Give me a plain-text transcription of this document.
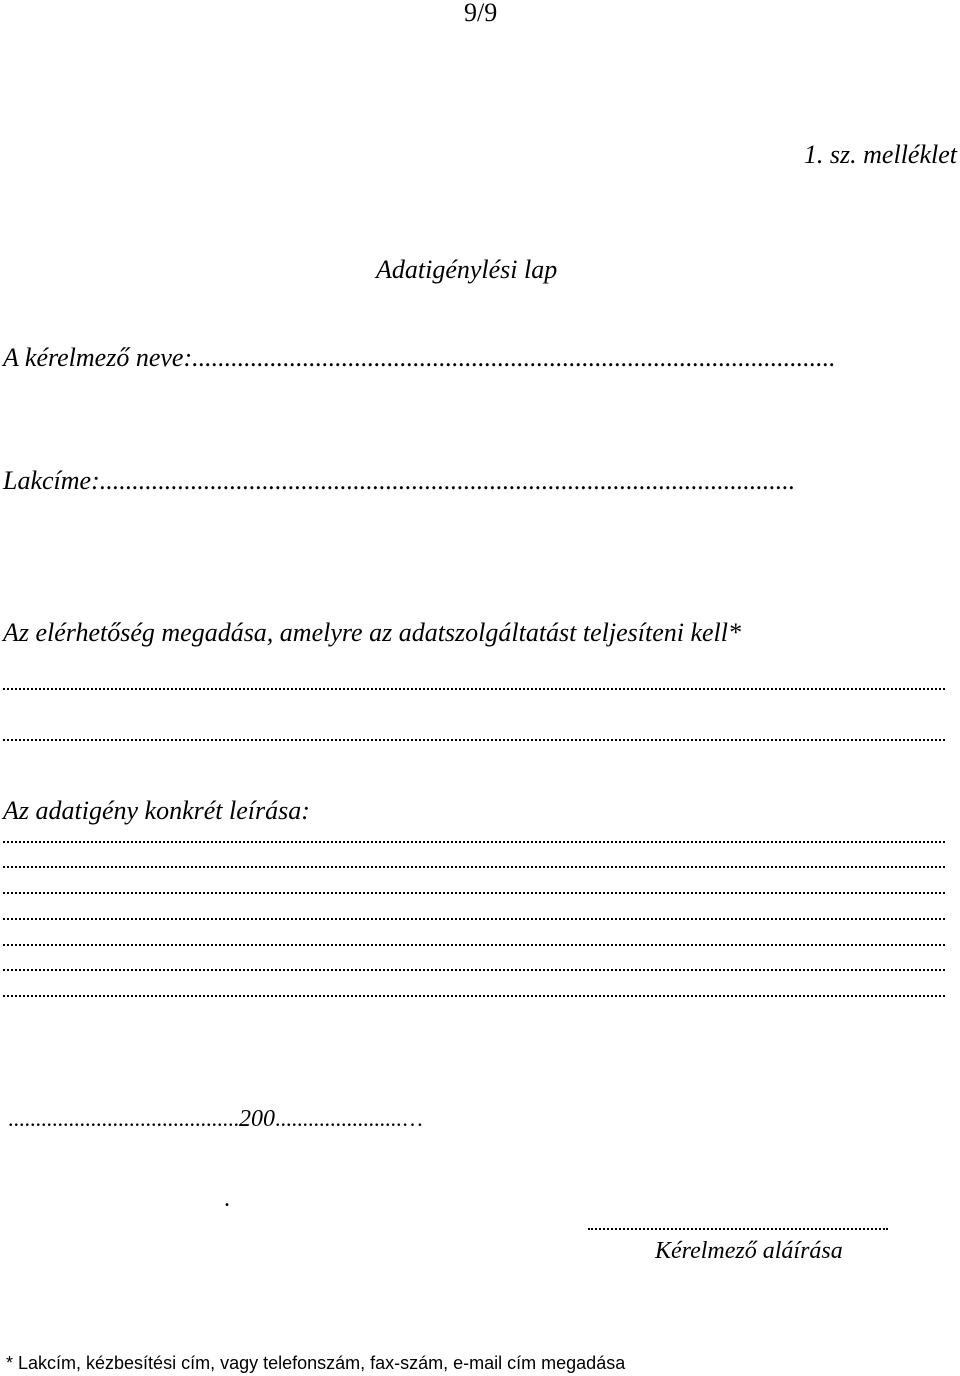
9/9
1. sz. melléklet
Adatigénylési lap
A kérelmező neve:...................................................................................................
Lakcíme:...........................................................................................................
Az elérhetőség megadása, amelyre az adatszolgáltatást teljesíteni kell*
Az adatigény konkrét leírása:
..........................................200.......................…
.
Kérelmező aláírása
* Lakcím, kézbesítési cím, vagy telefonszám, fax-szám, e-mail cím megadása
